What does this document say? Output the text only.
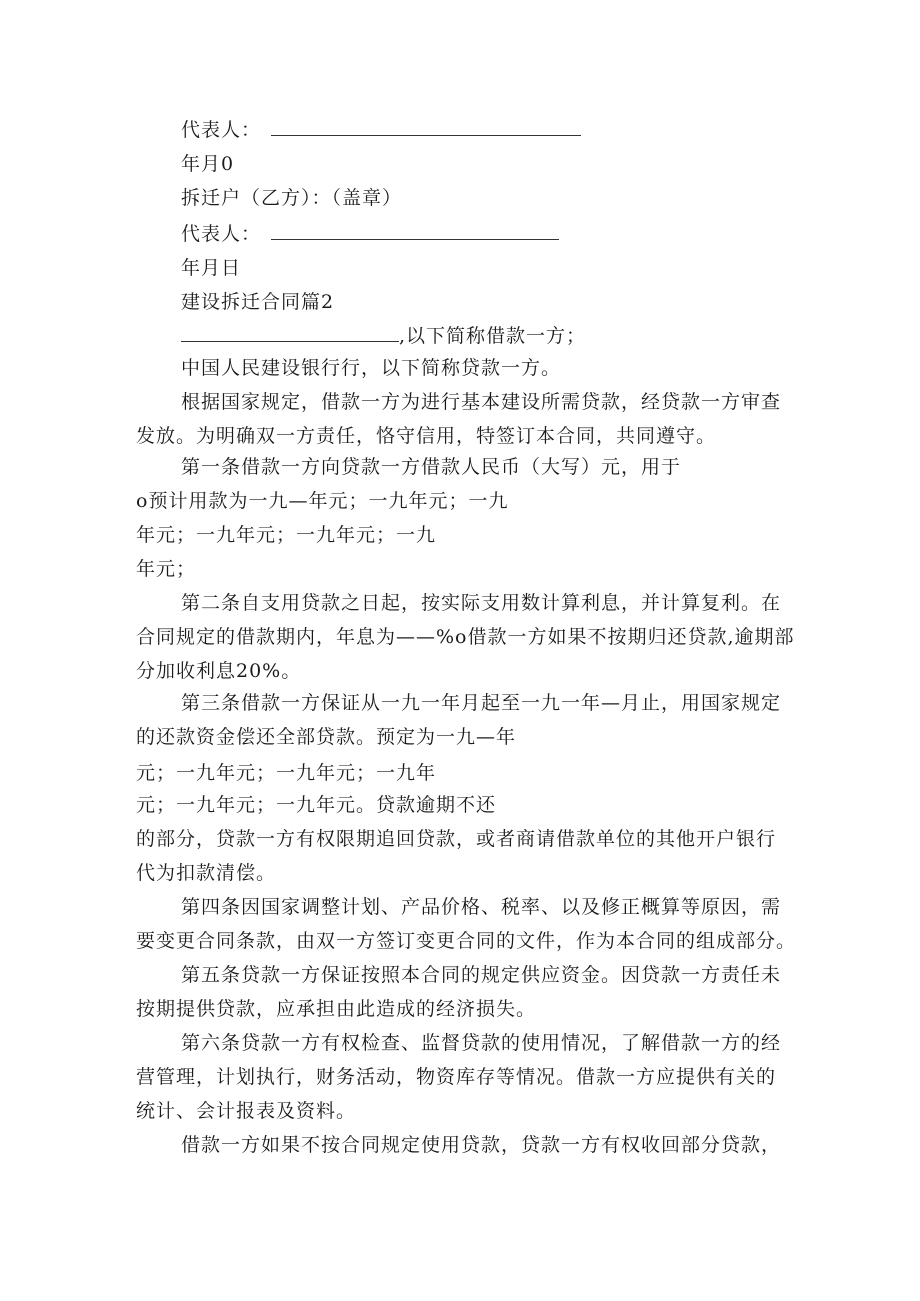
代表人：
年月0
拆迁户（乙方）：（盖章）
代表人：
年月日
建设拆迁合同篇2
,以下简称借款一方；
中国人民建设银行行，以下简称贷款一方。
根据国家规定，借款一方为进行基本建设所需贷款，经贷款一方审查
发放。为明确双一方责任，恪守信用，特签订本合同，共同遵守。
第一条借款一方向贷款一方借款人民币（大写）元，用于
o预计用款为一九—年元；一九年元；一九
年元；一九年元；一九年元；一九
年元；
第二条自支用贷款之日起，按实际支用数计算利息，并计算复利。在
合同规定的借款期内，年息为——%o借款一方如果不按期归还贷款,逾期部
分加收利息20%。
第三条借款一方保证从一九一年月起至一九一年—月止，用国家规定
的还款资金偿还全部贷款。预定为一九—年
元；一九年元；一九年元；一九年
元；一九年元；一九年元。贷款逾期不还
的部分，贷款一方有权限期追回贷款，或者商请借款单位的其他开户银行
代为扣款清偿。
第四条因国家调整计划、产品价格、税率、以及修正概算等原因，需
要变更合同条款，由双一方签订变更合同的文件，作为本合同的组成部分。
第五条贷款一方保证按照本合同的规定供应资金。因贷款一方责任未
按期提供贷款，应承担由此造成的经济损失。
第六条贷款一方有权检查、监督贷款的使用情况，了解借款一方的经
营管理，计划执行，财务活动，物资库存等情况。借款一方应提供有关的
统计、会计报表及资料。
借款一方如果不按合同规定使用贷款，贷款一方有权收回部分贷款，
